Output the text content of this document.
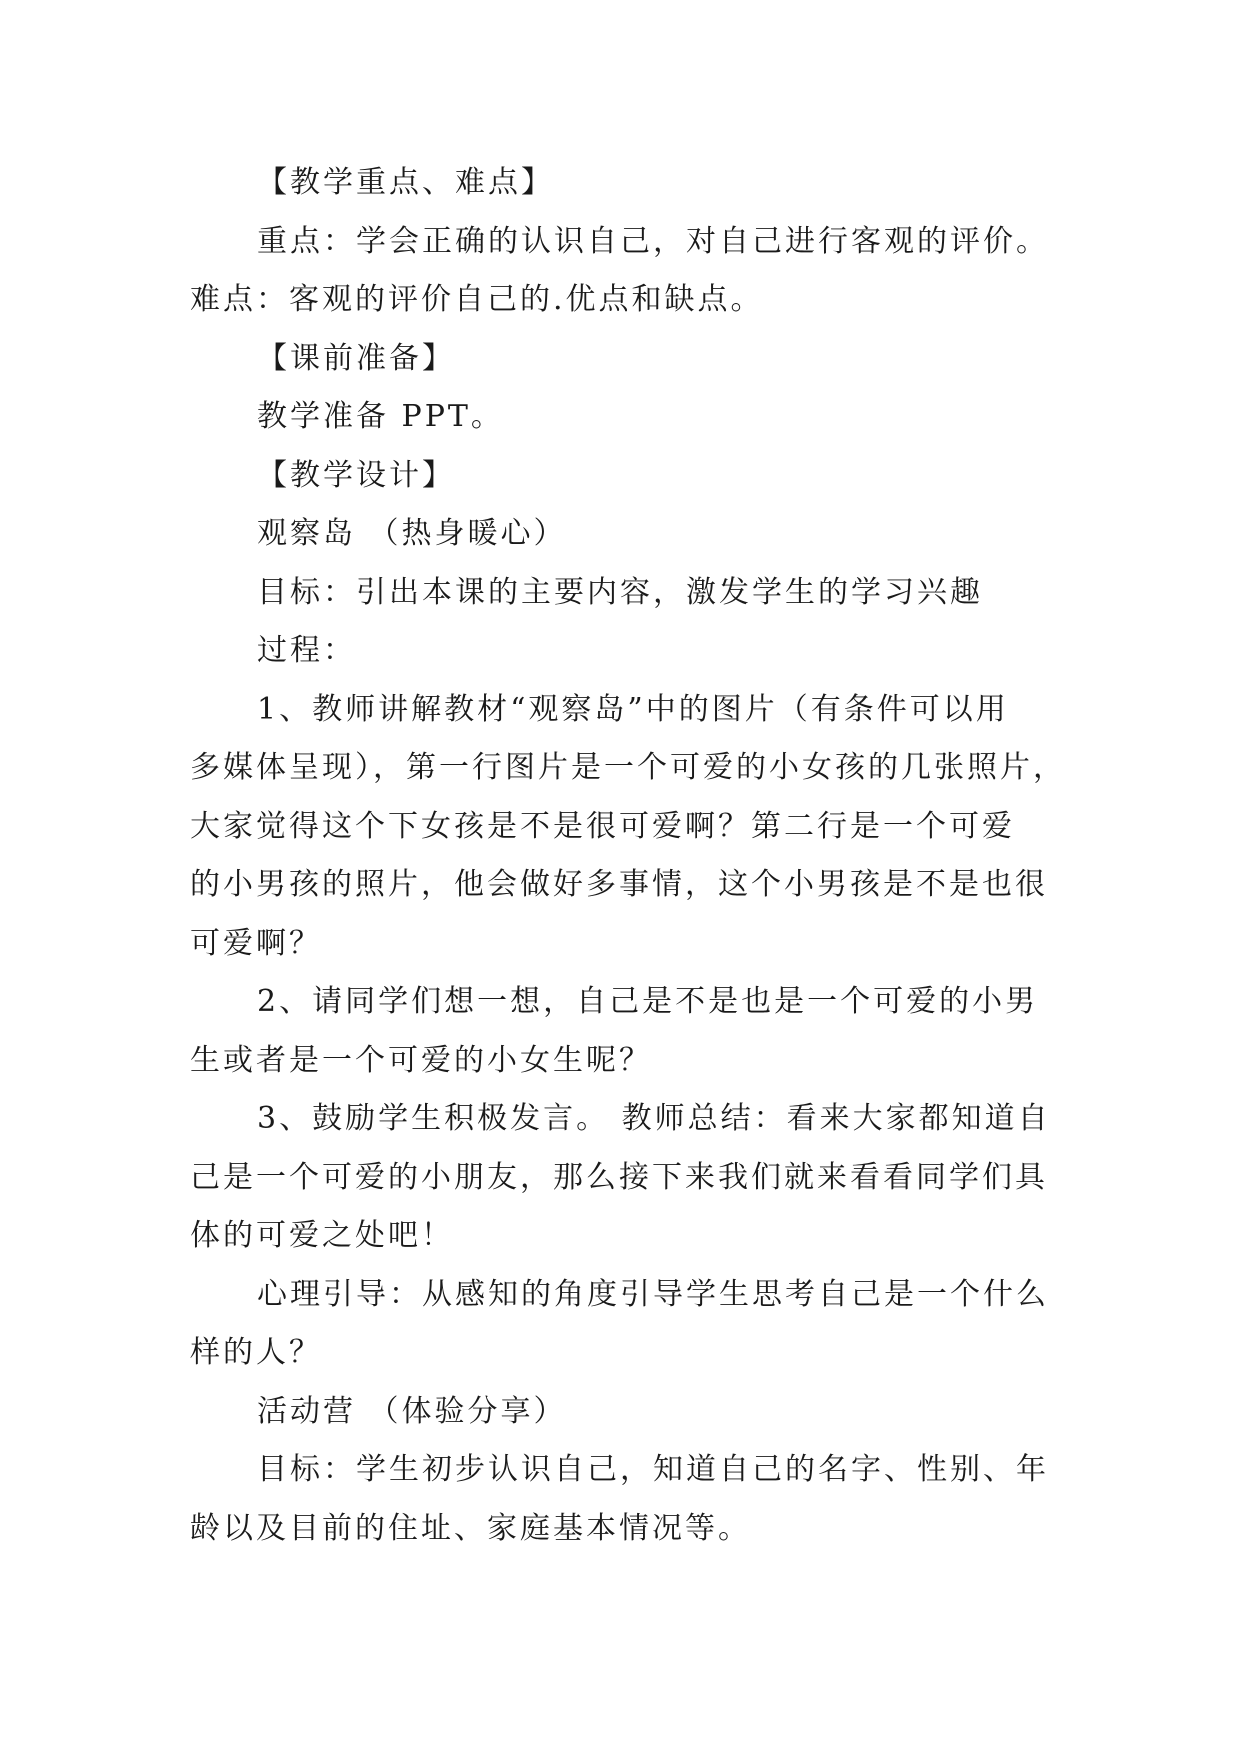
【教学重点、难点】
重点：学会正确的认识自己，对自己进行客观的评价。
难点：客观的评价自己的.优点和缺点。
【课前准备】
教学准备 PPT。
【教学设计】
观察岛 （热身暖心）
目标：引出本课的主要内容，激发学生的学习兴趣
过程：
1、教师讲解教材“观察岛”中的图片（有条件可以用
多媒体呈现），第一行图片是一个可爱的小女孩的几张照片，
大家觉得这个下女孩是不是很可爱啊？第二行是一个可爱
的小男孩的照片，他会做好多事情，这个小男孩是不是也很
可爱啊？
2、请同学们想一想，自己是不是也是一个可爱的小男
生或者是一个可爱的小女生呢？
3、鼓励学生积极发言。 教师总结：看来大家都知道自
己是一个可爱的小朋友，那么接下来我们就来看看同学们具
体的可爱之处吧！
心理引导：从感知的角度引导学生思考自己是一个什么
样的人？
活动营 （体验分享）
目标：学生初步认识自己，知道自己的名字、性别、年
龄以及目前的住址、家庭基本情况等。
